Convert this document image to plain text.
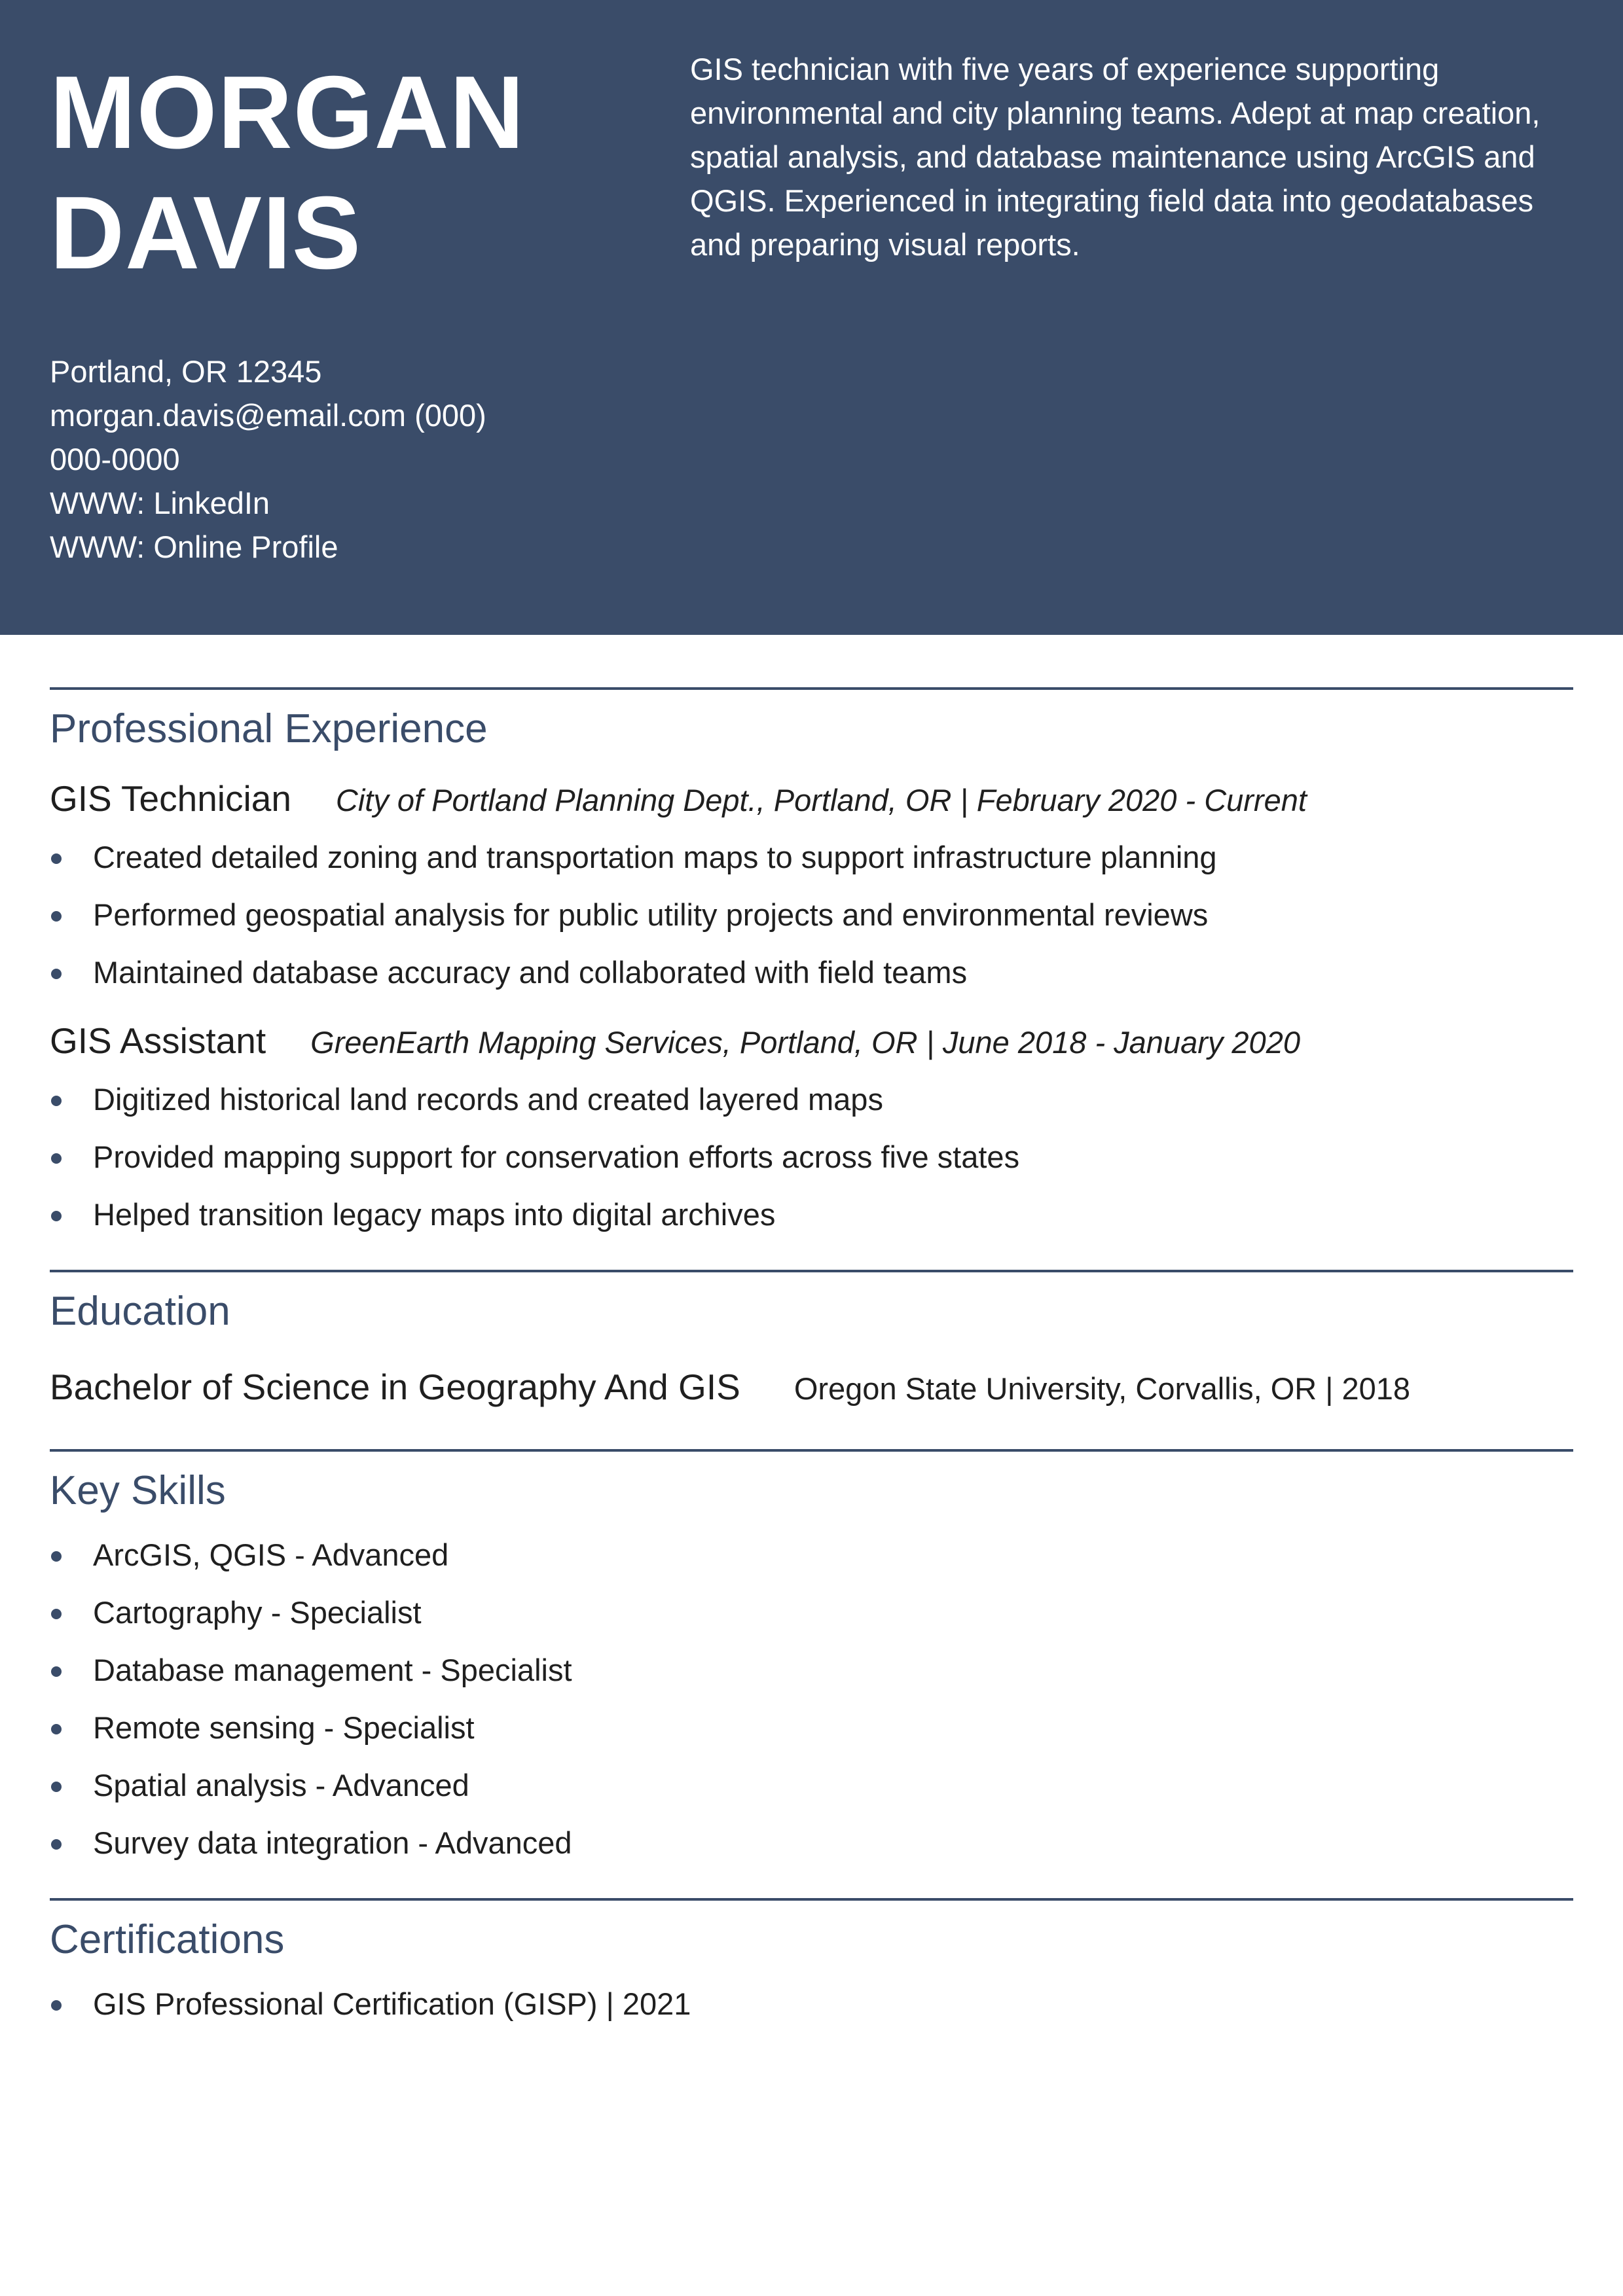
MORGAN
DAVIS

GIS technician with five years of experience supporting environmental and city planning teams. Adept at map creation, spatial analysis, and database maintenance using ArcGIS and QGIS. Experienced in integrating field data into geodatabases and preparing visual reports.

Portland, OR 12345
morgan.davis@email.com (000)
000-0000
WWW: LinkedIn
WWW: Online Profile
Professional Experience
GIS Technician City of Portland Planning Dept., Portland, OR | February 2020 - Current
Created detailed zoning and transportation maps to support infrastructure planning
Performed geospatial analysis for public utility projects and environmental reviews
Maintained database accuracy and collaborated with field teams
GIS Assistant GreenEarth Mapping Services, Portland, OR | June 2018 - January 2020
Digitized historical land records and created layered maps
Provided mapping support for conservation efforts across five states
Helped transition legacy maps into digital archives
Education
Bachelor of Science in Geography And GIS Oregon State University, Corvallis, OR | 2018
Key Skills
ArcGIS, QGIS - Advanced
Cartography - Specialist
Database management - Specialist
Remote sensing - Specialist
Spatial analysis - Advanced
Survey data integration - Advanced
Certifications
GIS Professional Certification (GISP) | 2021
